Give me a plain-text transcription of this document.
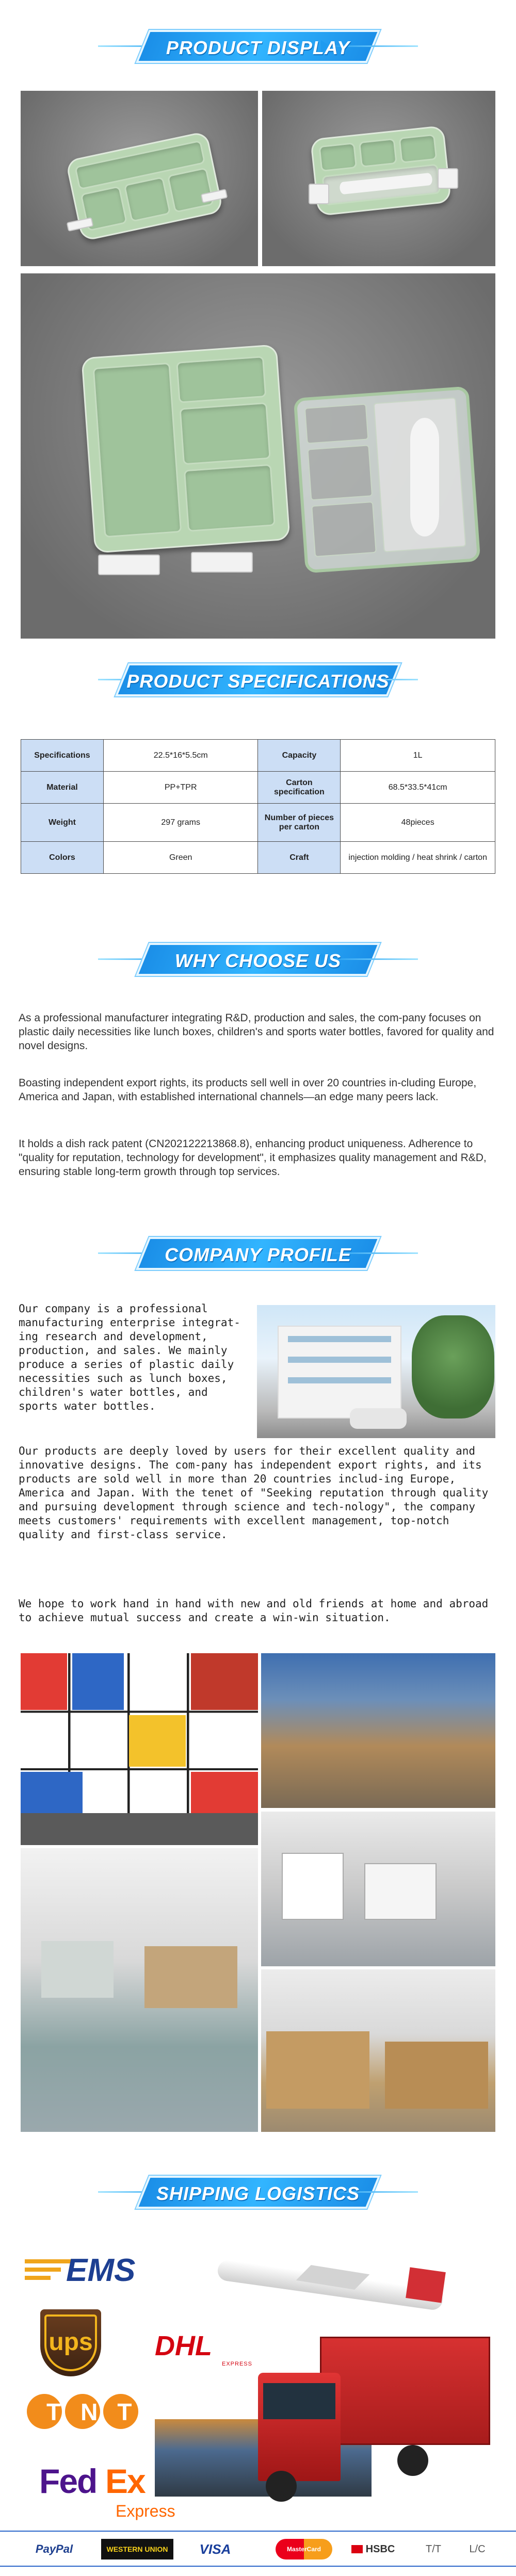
PRODUCT DISPLAY
PRODUCT SPECIFICATIONS
Specifications	22.5*16*5.5cm	Capacity	1L
Material	PP+TPR	Carton specification	68.5*33.5*41cm
Weight	297 grams	Number of pieces per carton	48pieces
Colors	Green	Craft	injection molding / heat shrink / carton
WHY CHOOSE US
As a professional manufacturer integrating R&D, production and sales, the com-pany focuses on plastic daily necessities like lunch boxes, children's and sports water bottles, favored for quality and novel designs.
Boasting independent export rights, its products sell well in over 20 countries in-cluding Europe, America and Japan, with established international channels—an edge many peers lack.
It holds a dish rack patent (CN202122213868.8), enhancing product uniqueness. Adherence to "quality for reputation, technology for development", it emphasizes quality management and R&D, ensuring stable long-term growth through top services.
COMPANY PROFILE
Our company is a professional manufacturing enterprise integrat-ing research and development, production, and sales. We mainly produce a series of plastic daily necessities such as lunch boxes, children's water bottles, and sports water bottles.
Our products are deeply loved by users for their excellent quality and innovative designs. The com-pany has independent export rights, and its products are sold well in more than 20 countries includ-ing Europe, America and Japan. With the tenet of "Seeking reputation through quality and pursuing development through science and tech-nology", the company meets customers' requirements with excellent management, top-notch quality and first-class service.
We hope to work hand in hand with new and old friends at home and abroad to achieve mutual success and create a win-win situation.
SHIPPING LOGISTICS
EMS
ups	DHL
EXPRESS
TNT
Fed Ex
Express
PayPal	WESTERN UNION	VISA	MasterCard	HSBC	T/T	L/C
